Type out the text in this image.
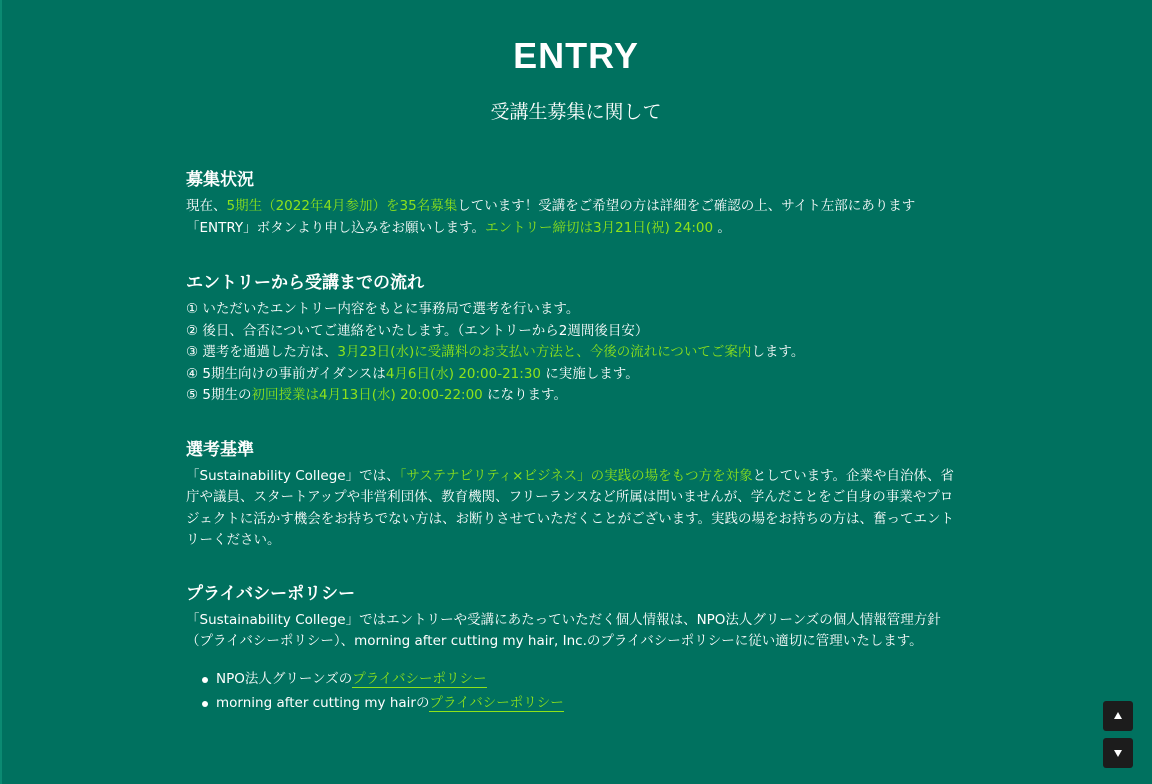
ENTRY
受講生募集に関して
募集状況

現在、5期生（2022年4月参加）を35名募集しています！受講をご希望の方は詳細をご確認の上、サイト左部にあります「ENTRY」ボタンより申し込みをお願いします。エントリー締切は3月21日(祝) 24:00 。

エントリーから受講までの流れ
① いただいたエントリー内容をもとに事務局で選考を行います。
② 後日、合否についてご連絡をいたします。（エントリーから2週間後目安）
③ 選考を通過した方は、3月23日(水)に受講料のお支払い方法と、今後の流れについてご案内します。
④ 5期生向けの事前ガイダンスは4月6日(水) 20:00-21:30 に実施します。
⑤ 5期生の初回授業は4月13日(水) 20:00-22:00 になります。
選考基準

「Sustainability College」では、「サステナビリティ×ビジネス」の実践の場をもつ方を対象としています。企業や自治体、省庁や議員、スタートアップや非営利団体、教育機関、フリーランスなど所属は問いませんが、学んだことをご自身の事業やプロジェクトに活かす機会をお持ちでない方は、お断りさせていただくことがございます。実践の場をお持ちの方は、奮ってエントリーください。

プライバシーポリシー

「Sustainability College」ではエントリーや受講にあたっていただく個人情報は、NPO法人グリーンズの個人情報管理方針（プライバシーポリシー）、morning after cutting my hair, Inc.のプライバシーポリシーに従い適切に管理いたします。

NPO法人グリーンズのプライバシーポリシー
morning after cutting my hairのプライバシーポリシー
